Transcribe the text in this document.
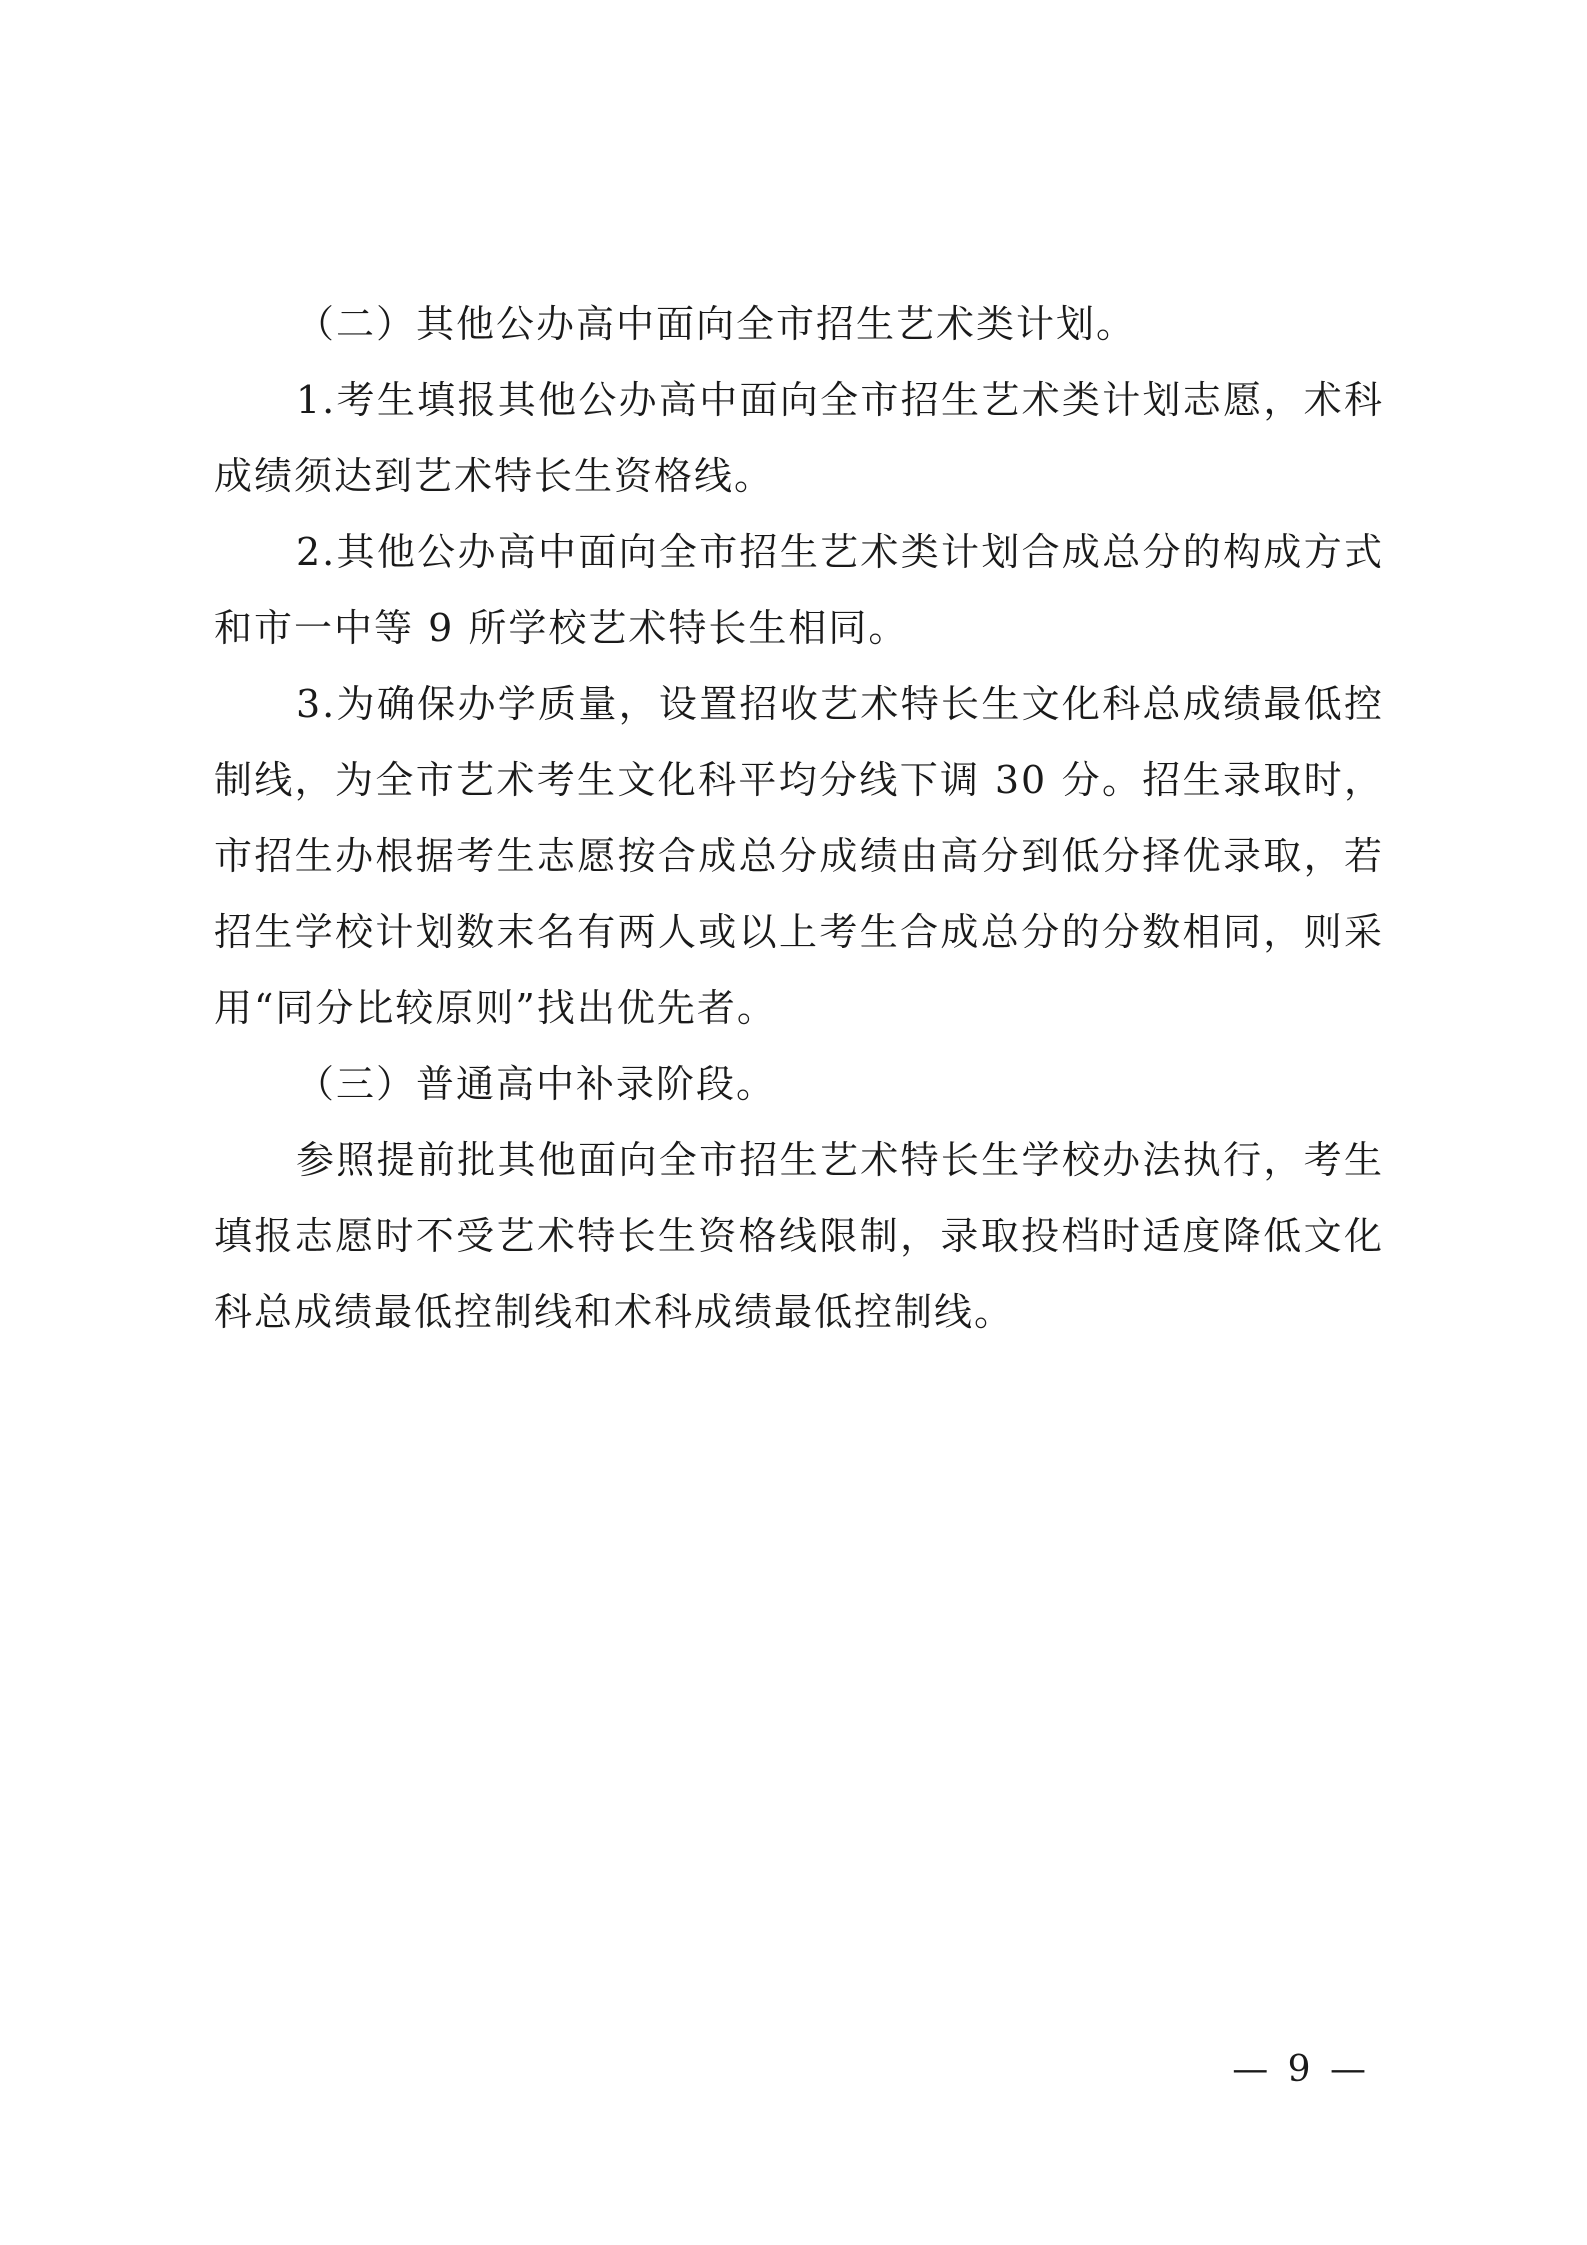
（二）其他公办高中面向全市招生艺术类计划。

1.考生填报其他公办高中面向全市招生艺术类计划志愿，术科成绩须达到艺术特长生资格线。

2.其他公办高中面向全市招生艺术类计划合成总分的构成方式和市一中等 9 所学校艺术特长生相同。

3.为确保办学质量，设置招收艺术特长生文化科总成绩最低控制线，为全市艺术考生文化科平均分线下调 30 分。招生录取时，市招生办根据考生志愿按合成总分成绩由高分到低分择优录取，若招生学校计划数末名有两人或以上考生合成总分的分数相同，则采用“同分比较原则”找出优先者。

（三）普通高中补录阶段。

参照提前批其他面向全市招生艺术特长生学校办法执行，考生填报志愿时不受艺术特长生资格线限制，录取投档时适度降低文化科总成绩最低控制线和术科成绩最低控制线。

— 9 —
